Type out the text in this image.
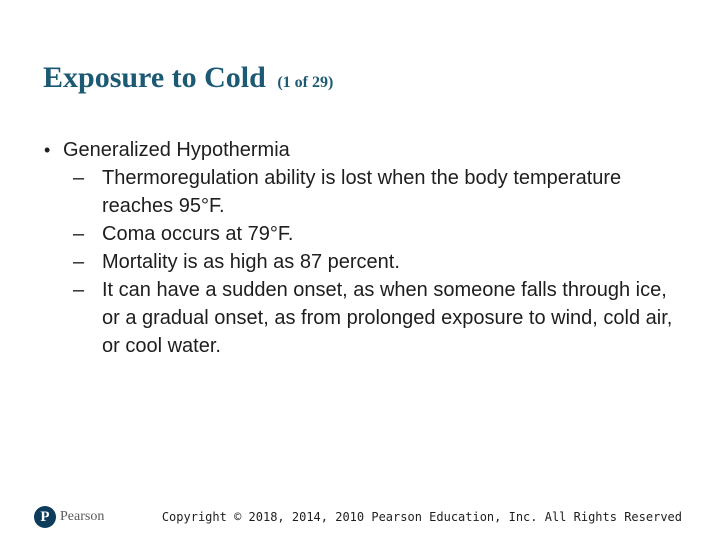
Exposure to Cold (1 of 29)
• Generalized Hypothermia
– Thermoregulation ability is lost when the body temperature reaches 95°F.
– Coma occurs at 79°F.
– Mortality is as high as 87 percent.
– It can have a sudden onset, as when someone falls through ice, or a gradual onset, as from prolonged exposure to wind, cold air, or cool water.
P Pearson	Copyright © 2018, 2014, 2010 Pearson Education, Inc. All Rights Reserved
